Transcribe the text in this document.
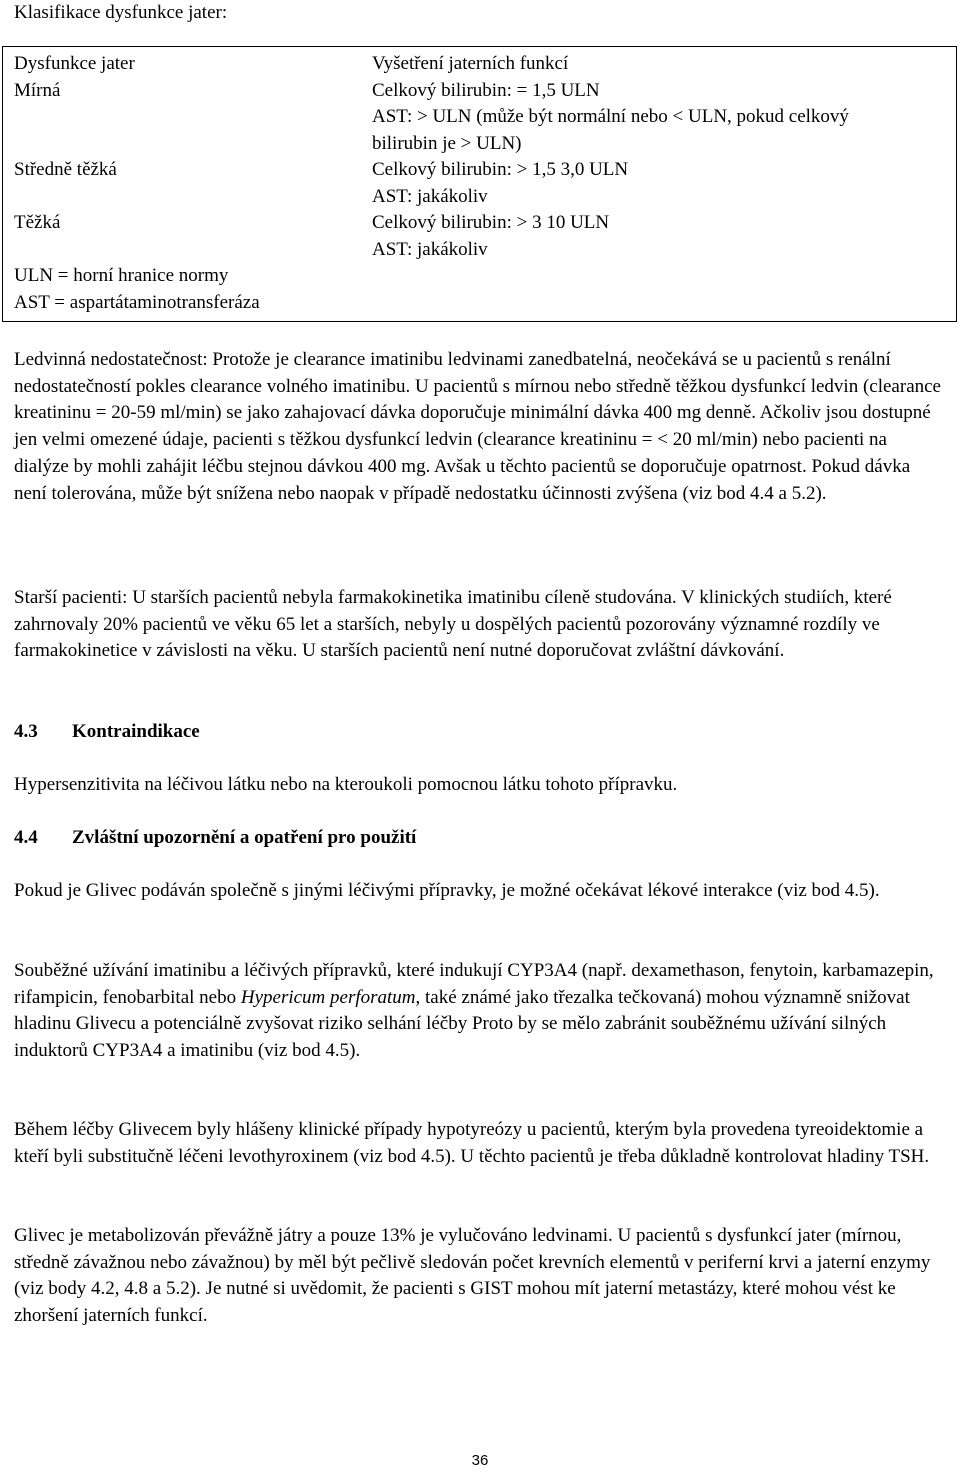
Klasifikace dysfunkce jater:
Dysfunkce jater	Vyšetření jaterních funkcí
Mírná	Celkový bilirubin: = 1,5 ULN
AST: > ULN (může být normální nebo < ULN, pokud celkový
bilirubin je > ULN)

Středně těžká	Celkový bilirubin: > 1,5 3,0 ULN
AST: jakákoliv

Těžká	Celkový bilirubin: > 3 10 ULN
AST: jakákoliv

ULN = horní hranice normy
AST = aspartátaminotransferáza

Ledvinná nedostatečnost: Protože je clearance imatinibu ledvinami zanedbatelná, neočekává se u pacientů s renální nedostatečností pokles clearance volného imatinibu. U pacientů s mírnou nebo středně těžkou dysfunkcí ledvin (clearance kreatininu = 20-59 ml/min) se jako zahajovací dávka doporučuje minimální dávka 400 mg denně. Ačkoliv jsou dostupné jen velmi omezené údaje, pacienti s těžkou dysfunkcí ledvin (clearance kreatininu = < 20 ml/min) nebo pacienti na dialýze by mohli zahájit léčbu stejnou dávkou 400 mg. Avšak u těchto pacientů se doporučuje opatrnost. Pokud dávka není tolerována, může být snížena nebo naopak v případě nedostatku účinnosti zvýšena (viz bod 4.4 a 5.2).
Starší pacienti: U starších pacientů nebyla farmakokinetika imatinibu cíleně studována. V klinických studiích, které zahrnovaly 20% pacientů ve věku 65 let a starších, nebyly u dospělých pacientů pozorovány významné rozdíly ve farmakokinetice v závislosti na věku. U starších pacientů není nutné doporučovat zvláštní dávkování.
4.3 Kontraindikace
Hypersenzitivita na léčivou látku nebo na kteroukoli pomocnou látku tohoto přípravku.
4.4 Zvláštní upozornění a opatření pro použití
Pokud je Glivec podáván společně s jinými léčivými přípravky, je možné očekávat lékové interakce (viz bod 4.5).
Souběžné užívání imatinibu a léčivých přípravků, které indukují CYP3A4 (např. dexamethason, fenytoin, karbamazepin, rifampicin, fenobarbital nebo Hypericum perforatum, také známé jako třezalka tečkovaná) mohou významně snižovat hladinu Glivecu a potenciálně zvyšovat riziko selhání léčby Proto by se mělo zabránit souběžnému užívání silných induktorů CYP3A4 a imatinibu (viz bod 4.5).
Během léčby Glivecem byly hlášeny klinické případy hypotyreózy u pacientů, kterým byla provedena tyreoidektomie a kteří byli substitučně léčeni levothyroxinem (viz bod 4.5). U těchto pacientů je třeba důkladně kontrolovat hladiny TSH.
Glivec je metabolizován převážně játry a pouze 13% je vylučováno ledvinami. U pacientů s dysfunkcí jater (mírnou, středně závažnou nebo závažnou) by měl být pečlivě sledován počet krevních elementů v periferní krvi a jaterní enzymy (viz body 4.2, 4.8 a 5.2). Je nutné si uvědomit, že pacienti s GIST mohou mít jaterní metastázy, které mohou vést ke zhoršení jaterních funkcí.
36
